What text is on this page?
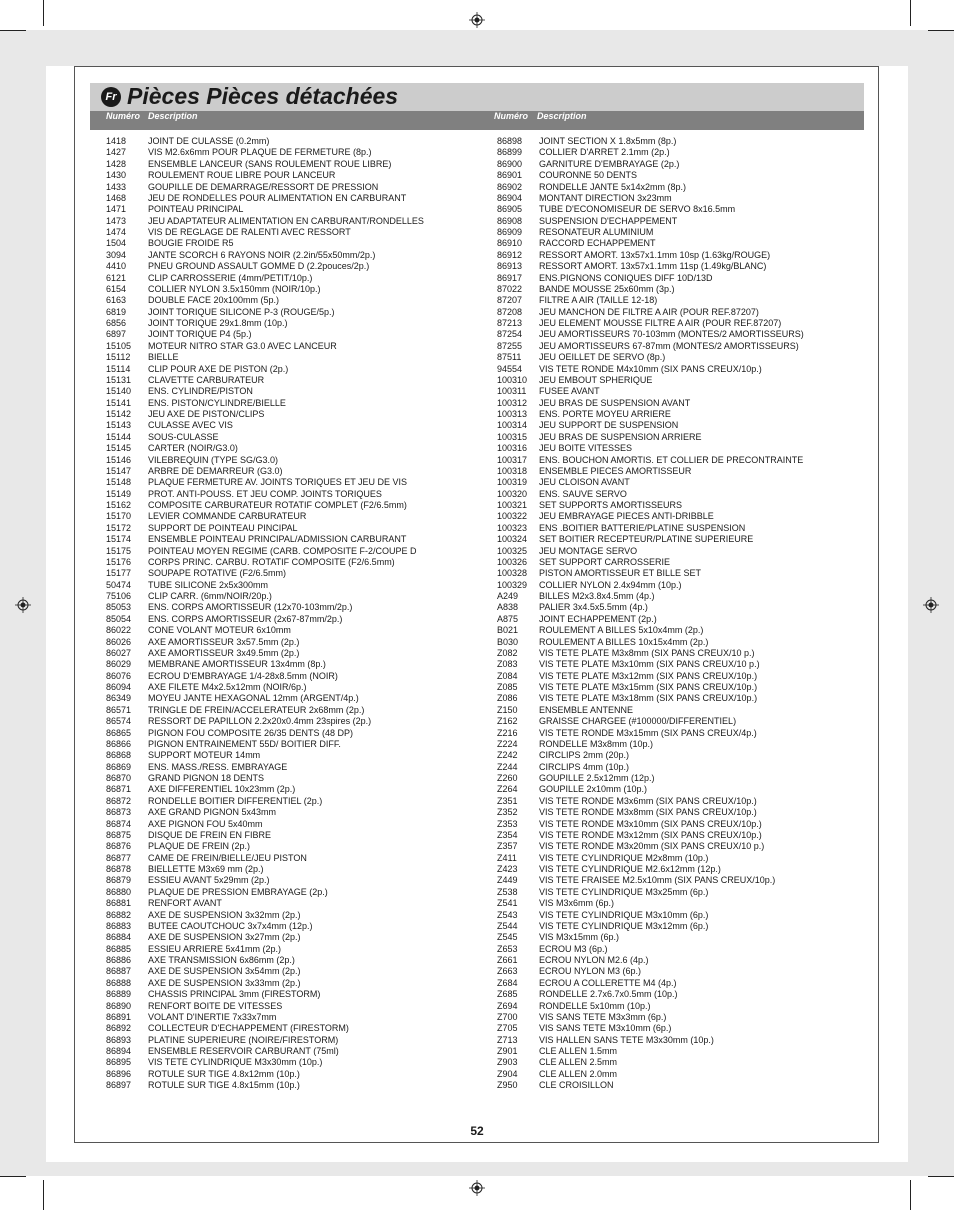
Fr Pièces Pièces détachées
Numéro Description	Numéro Description
1418	JOINT DE CULASSE (0.2mm)
1427	VIS M2.6x6mm POUR PLAQUE DE FERMETURE (8p.)
1428	ENSEMBLE LANCEUR (SANS ROULEMENT ROUE LIBRE)
1430	ROULEMENT ROUE LIBRE POUR LANCEUR
1433	GOUPILLE DE DEMARRAGE/RESSORT DE PRESSION
1468	JEU DE RONDELLES POUR ALIMENTATION EN CARBURANT
1471	POINTEAU PRINCIPAL
1473	JEU ADAPTATEUR ALIMENTATION EN CARBURANT/RONDELLES
1474	VIS DE REGLAGE DE RALENTI AVEC RESSORT
1504	BOUGIE FROIDE R5
3094	JANTE SCORCH 6 RAYONS NOIR (2.2in/55x50mm/2p.)
4410	PNEU GROUND ASSAULT GOMME D (2.2pouces/2p.)
6121	CLIP CARROSSERIE (4mm/PETIT/10p.)
6154	COLLIER NYLON 3.5x150mm (NOIR/10p.)
6163	DOUBLE FACE 20x100mm (5p.)
6819	JOINT TORIQUE SILICONE P-3 (ROUGE/5p.)
6856	JOINT TORIQUE 29x1.8mm (10p.)
6897	JOINT TORIQUE P4 (5p.)
15105	MOTEUR NITRO STAR G3.0 AVEC LANCEUR
15112	BIELLE
15114	CLIP POUR AXE DE PISTON (2p.)
15131	CLAVETTE CARBURATEUR
15140	ENS. CYLINDRE/PISTON
15141	ENS. PISTON/CYLINDRE/BIELLE
15142	JEU AXE DE PISTON/CLIPS
15143	CULASSE AVEC VIS
15144	SOUS-CULASSE
15145	CARTER (NOIR/G3.0)
15146	VILEBREQUIN (TYPE SG/G3.0)
15147	ARBRE DE DEMARREUR (G3.0)
15148	PLAQUE FERMETURE AV. JOINTS TORIQUES ET JEU DE VIS
15149	PROT. ANTI-POUSS. ET JEU COMP. JOINTS TORIQUES
15162	COMPOSITE CARBURATEUR ROTATIF COMPLET (F2/6.5mm)
15170	LEVIER COMMANDE CARBURATEUR
15172	SUPPORT DE POINTEAU PINCIPAL
15174	ENSEMBLE POINTEAU PRINCIPAL/ADMISSION CARBURANT
15175	POINTEAU MOYEN REGIME (CARB. COMPOSITE F-2/COUPE D
15176	CORPS PRINC. CARBU. ROTATIF COMPOSITE (F2/6.5mm)
15177	SOUPAPE ROTATIVE (F2/6.5mm)
50474	TUBE SILICONE 2x5x300mm
75106	CLIP CARR. (6mm/NOIR/20p.)
85053	ENS. CORPS AMORTISSEUR (12x70-103mm/2p.)
85054	ENS. CORPS AMORTISSEUR (2x67-87mm/2p.)
86022	CONE VOLANT MOTEUR 6x10mm
86026	AXE AMORTISSEUR 3x57.5mm (2p.)
86027	AXE AMORTISSEUR 3x49.5mm (2p.)
86029	MEMBRANE AMORTISSEUR 13x4mm (8p.)
86076	ECROU D'EMBRAYAGE 1/4-28x8.5mm (NOIR)
86094	AXE FILETE M4x2.5x12mm (NOIR/6p.)
86349	MOYEU JANTE HEXAGONAL 12mm (ARGENT/4p.)
86571	TRINGLE DE FREIN/ACCELERATEUR 2x68mm (2p.)
86574	RESSORT DE PAPILLON 2.2x20x0.4mm 23spires (2p.)
86865	PIGNON FOU COMPOSITE 26/35 DENTS (48 DP)
86866	PIGNON ENTRAINEMENT 55D/ BOITIER DIFF.
86868	SUPPORT MOTEUR 14mm
86869	ENS. MASS./RESS. EMBRAYAGE
86870	GRAND PIGNON 18 DENTS
86871	AXE DIFFERENTIEL 10x23mm (2p.)
86872	RONDELLE BOITIER DIFFERENTIEL (2p.)
86873	AXE GRAND PIGNON 5x43mm
86874	AXE PIGNON FOU 5x40mm
86875	DISQUE DE FREIN EN FIBRE
86876	PLAQUE DE FREIN (2p.)
86877	CAME DE FREIN/BIELLE/JEU PISTON
86878	BIELLETTE M3x69 mm (2p.)
86879	ESSIEU AVANT 5x29mm (2p.)
86880	PLAQUE DE PRESSION EMBRAYAGE (2p.)
86881	RENFORT AVANT
86882	AXE DE SUSPENSION 3x32mm (2p.)
86883	BUTEE CAOUTCHOUC 3x7x4mm (12p.)
86884	AXE DE SUSPENSION 3x27mm (2p.)
86885	ESSIEU ARRIERE 5x41mm (2p.)
86886	AXE TRANSMISSION 6x86mm (2p.)
86887	AXE DE SUSPENSION 3x54mm (2p.)
86888	AXE DE SUSPENSION 3x33mm (2p.)
86889	CHASSIS PRINCIPAL 3mm (FIRESTORM)
86890	RENFORT BOITE DE VITESSES
86891	VOLANT D'INERTIE 7x33x7mm
86892	COLLECTEUR D'ECHAPPEMENT (FIRESTORM)
86893	PLATINE SUPERIEURE (NOIRE/FIRESTORM)
86894	ENSEMBLE RESERVOIR CARBURANT (75ml)
86895	VIS TETE CYLINDRIQUE M3x30mm (10p.)
86896	ROTULE SUR TIGE 4.8x12mm (10p.)
86897	ROTULE SUR TIGE 4.8x15mm (10p.)
86898	JOINT SECTION X 1.8x5mm (8p.)
86899	COLLIER D'ARRET 2.1mm (2p.)
86900	GARNITURE D'EMBRAYAGE (2p.)
86901	COURONNE 50 DENTS
86902	RONDELLE JANTE 5x14x2mm (8p.)
86904	MONTANT DIRECTION 3x23mm
86905	TUBE D'ECONOMISEUR DE SERVO 8x16.5mm
86908	SUSPENSION D'ECHAPPEMENT
86909	RESONATEUR ALUMINIUM
86910	RACCORD ECHAPPEMENT
86912	RESSORT AMORT. 13x57x1.1mm 10sp (1.63kg/ROUGE)
86913	RESSORT AMORT. 13x57x1.1mm 11sp (1.49kg/BLANC)
86917	ENS.PIGNONS CONIQUES DIFF 10D/13D
87022	BANDE MOUSSE 25x60mm (3p.)
87207	FILTRE A AIR (TAILLE 12-18)
87208	JEU MANCHON DE FILTRE A AIR (POUR REF.87207)
87213	JEU ELEMENT MOUSSE FILTRE A AIR (POUR REF.87207)
87254	JEU AMORTISSEURS 70-103mm (MONTES/2 AMORTISSEURS)
87255	JEU AMORTISSEURS 67-87mm (MONTES/2 AMORTISSEURS)
87511	JEU OEILLET DE SERVO (8p.)
94554	VIS TETE RONDE M4x10mm (SIX PANS CREUX/10p.)
100310	JEU EMBOUT SPHERIQUE
100311	FUSEE AVANT
100312	JEU BRAS DE SUSPENSION AVANT
100313	ENS. PORTE MOYEU ARRIERE
100314	JEU SUPPORT DE SUSPENSION
100315	JEU BRAS DE SUSPENSION ARRIERE
100316	JEU BOITE VITESSES
100317	ENS. BOUCHON AMORTIS. ET COLLIER DE PRECONTRAINTE
100318	ENSEMBLE PIECES AMORTISSEUR
100319	JEU CLOISON AVANT
100320	ENS. SAUVE SERVO
100321	SET SUPPORTS AMORTISSEURS
100322	JEU EMBRAYAGE PIECES ANTI-DRIBBLE
100323	ENS .BOITIER BATTERIE/PLATINE SUSPENSION
100324	SET BOITIER RECEPTEUR/PLATINE SUPERIEURE
100325	JEU MONTAGE SERVO
100326	SET SUPPORT CARROSSERIE
100328	PISTON AMORTISSEUR ET BILLE SET
100329	COLLIER NYLON 2.4x94mm (10p.)
A249	BILLES M2x3.8x4.5mm (4p.)
A838	PALIER 3x4.5x5.5mm (4p.)
A875	JOINT ECHAPPEMENT (2p.)
B021	ROULEMENT A BILLES 5x10x4mm (2p.)
B030	ROULEMENT A BILLES 10x15x4mm (2p.)
Z082	VIS TETE PLATE M3x8mm (SIX PANS CREUX/10 p.)
Z083	VIS TETE PLATE M3x10mm (SIX PANS CREUX/10 p.)
Z084	VIS TETE PLATE M3x12mm (SIX PANS CREUX/10p.)
Z085	VIS TETE PLATE M3x15mm (SIX PANS CREUX/10p.)
Z086	VIS TETE PLATE M3x18mm (SIX PANS CREUX/10p.)
Z150	ENSEMBLE ANTENNE
Z162	GRAISSE CHARGEE (#100000/DIFFERENTIEL)
Z216	VIS TETE RONDE M3x15mm (SIX PANS CREUX/4p.)
Z224	RONDELLE M3x8mm (10p.)
Z242	CIRCLIPS 2mm (20p.)
Z244	CIRCLIPS 4mm (10p.)
Z260	GOUPILLE 2.5x12mm (12p.)
Z264	GOUPILLE 2x10mm (10p.)
Z351	VIS TETE RONDE M3x6mm (SIX PANS CREUX/10p.)
Z352	VIS TETE RONDE M3x8mm (SIX PANS CREUX/10p.)
Z353	VIS TETE RONDE M3x10mm (SIX PANS CREUX/10p.)
Z354	VIS TETE RONDE M3x12mm (SIX PANS CREUX/10p.)
Z357	VIS TETE RONDE M3x20mm (SIX PANS CREUX/10 p.)
Z411	VIS TETE CYLINDRIQUE M2x8mm (10p.)
Z423	VIS TETE CYLINDRIQUE M2.6x12mm (12p.)
Z449	VIS TETE FRAISEE M2.5x10mm (SIX PANS CREUX/10p.)
Z538	VIS TETE CYLINDRIQUE M3x25mm (6p.)
Z541	VIS M3x6mm (6p.)
Z543	VIS TETE CYLINDRIQUE M3x10mm (6p.)
Z544	VIS TETE CYLINDRIQUE M3x12mm (6p.)
Z545	VIS M3x15mm (6p.)
Z653	ECROU M3 (6p.)
Z661	ECROU NYLON M2.6 (4p.)
Z663	ECROU NYLON M3 (6p.)
Z684	ECROU A COLLERETTE M4 (4p.)
Z685	RONDELLE 2.7x6.7x0.5mm (10p.)
Z694	RONDELLE 5x10mm (10p.)
Z700	VIS SANS TETE M3x3mm (6p.)
Z705	VIS SANS TETE M3x10mm (6p.)
Z713	VIS HALLEN SANS TETE M3x30mm (10p.)
Z901	CLE ALLEN 1.5mm
Z903	CLE ALLEN 2.5mm
Z904	CLE ALLEN 2.0mm
Z950	CLE CROISILLON
52
